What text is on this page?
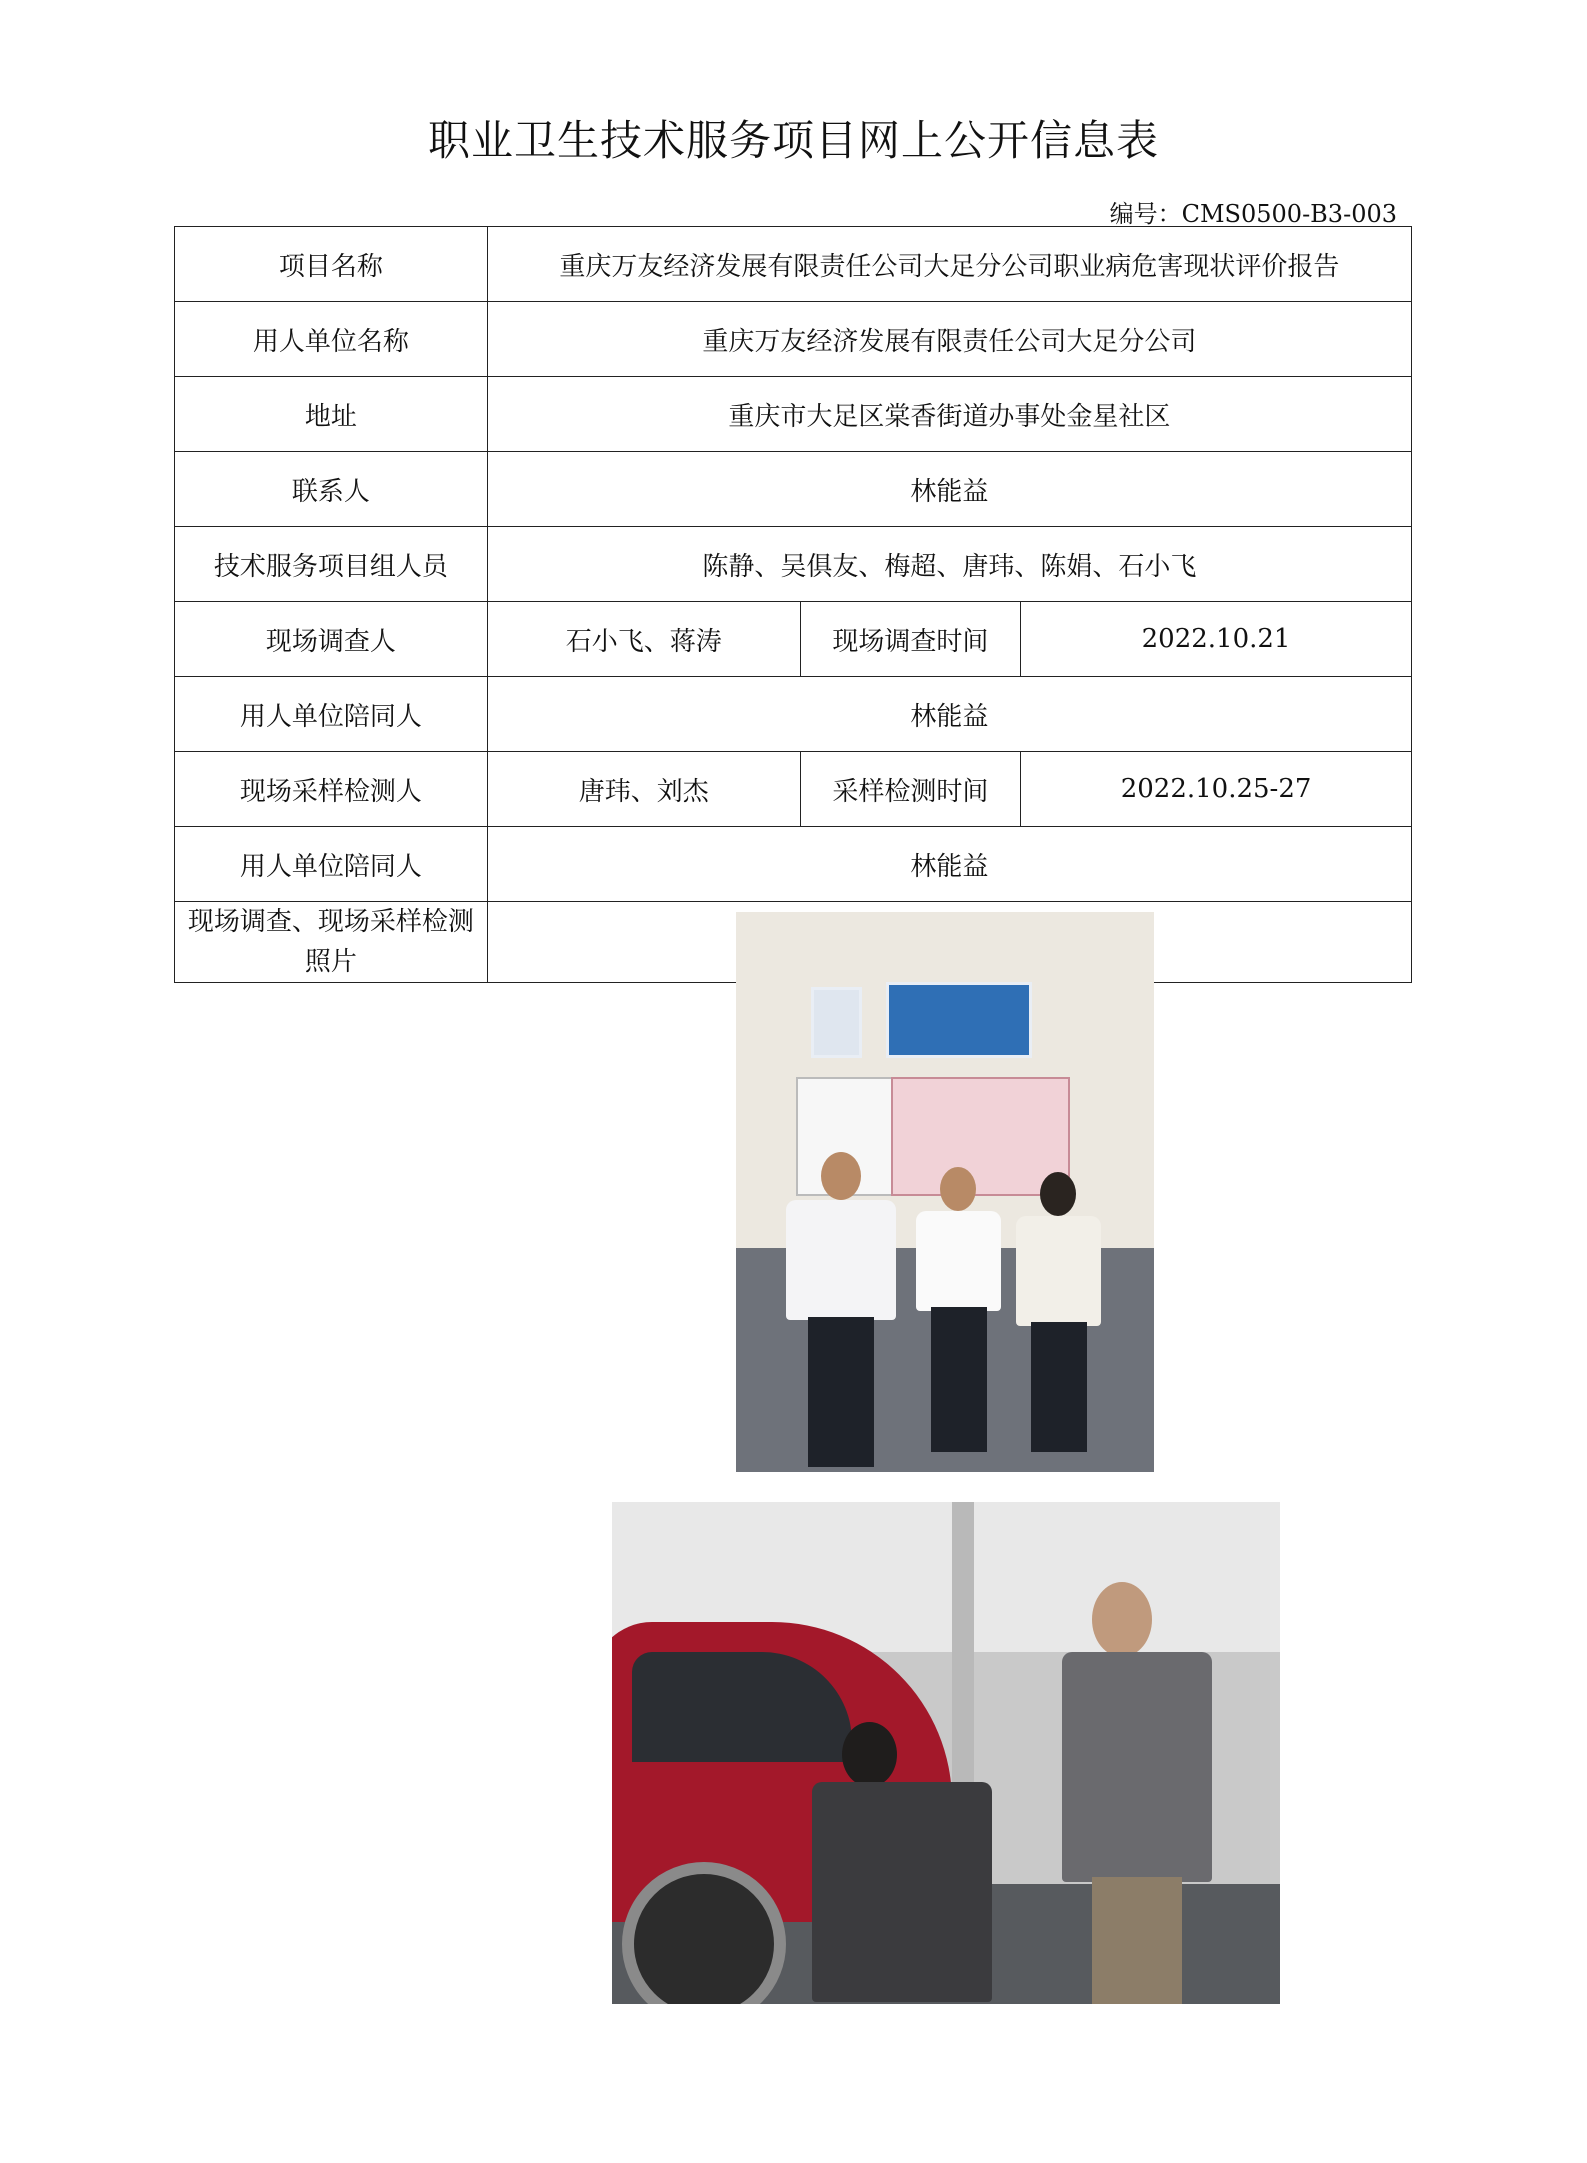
职业卫生技术服务项目网上公开信息表
编号：CMS0500-B3-003
项目名称	重庆万友经济发展有限责任公司大足分公司职业病危害现状评价报告		
用人单位名称	重庆万友经济发展有限责任公司大足分公司		
地址	重庆市大足区棠香街道办事处金星社区		
联系人	林能益		
技术服务项目组人员	陈静、吴俱友、梅超、唐玮、陈娟、石小飞		
现场调查人	石小飞、蒋涛	现场调查时间	2022.10.21
用人单位陪同人	林能益		
现场采样检测人	唐玮、刘杰	采样检测时间	2022.10.25-27
用人单位陪同人	林能益		
现场调查、现场采样检测照片			
